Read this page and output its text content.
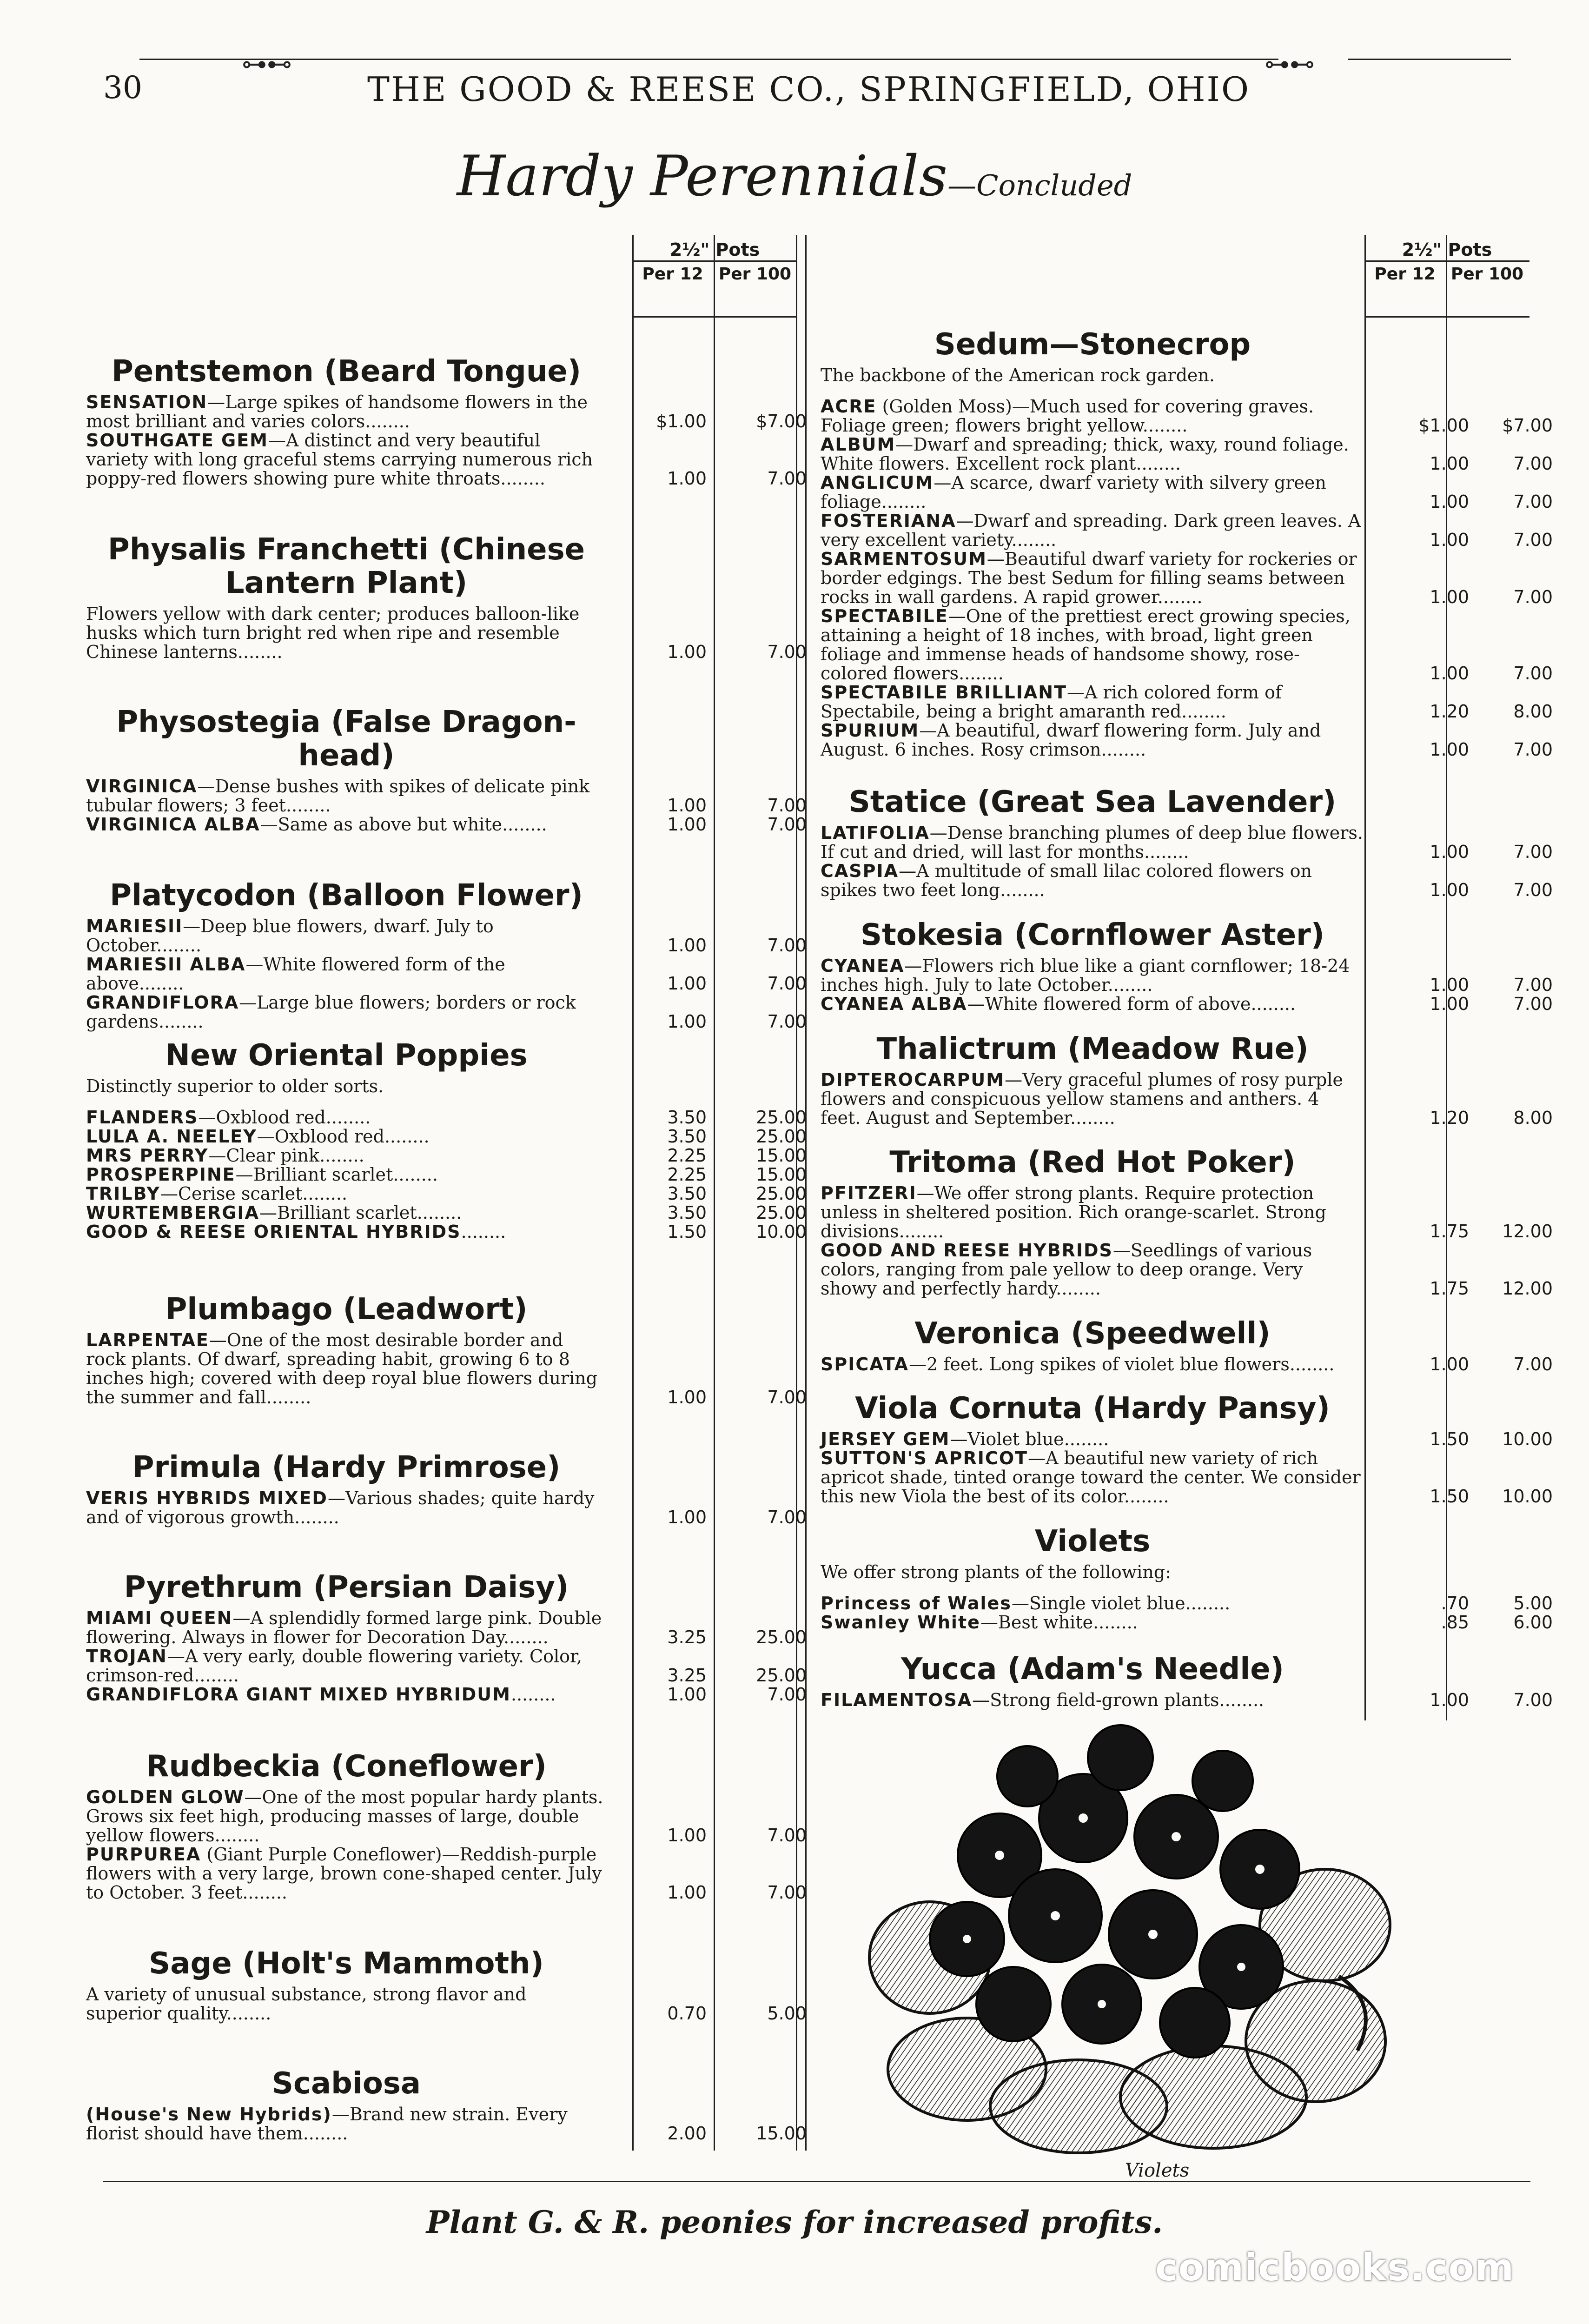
30
⊶⊷	⊶⊷
THE GOOD & REESE CO., SPRINGFIELD, OHIO
Hardy Perennials—Concluded
2½" Pots
Per 12 Per 100
2½" Pots
Per 12 Per 100
Pentstemon (Beard Tongue)
SENSATION—Large spikes of handsome flowers in the most brilliant and varies colors........	$1.00	$7.00
SOUTHGATE GEM—A distinct and very beautiful variety with long graceful stems carrying numerous rich poppy-red flowers showing pure white throats........	1.00	7.00
Physalis Franchetti (Chinese Lantern Plant)
Flowers yellow with dark center; produces balloon-like husks which turn bright red when ripe and resemble Chinese lanterns........	1.00	7.00
Physostegia (False Dragon-head)
VIRGINICA—Dense bushes with spikes of delicate pink tubular flowers; 3 feet........	1.00	7.00
VIRGINICA ALBA—Same as above but white........	1.00	7.00
Platycodon (Balloon Flower)
MARIESII—Deep blue flowers, dwarf. July to October........	1.00	7.00
MARIESII ALBA—White flowered form of the above........	1.00	7.00
GRANDIFLORA—Large blue flowers; borders or rock gardens........	1.00	7.00
New Oriental Poppies
Distinctly superior to older sorts.
FLANDERS—Oxblood red........	3.50	25.00
LULA A. NEELEY—Oxblood red........	3.50	25.00
MRS PERRY—Clear pink........	2.25	15.00
PROSPERPINE—Brilliant scarlet........	2.25	15.00
TRILBY—Cerise scarlet........	3.50	25.00
WURTEMBERGIA—Brilliant scarlet........	3.50	25.00
GOOD & REESE ORIENTAL HYBRIDS........	1.50	10.00
Plumbago (Leadwort)
LARPENTAE—One of the most desirable border and rock plants. Of dwarf, spreading habit, growing 6 to 8 inches high; covered with deep royal blue flowers during the summer and fall........	1.00	7.00
Primula (Hardy Primrose)
VERIS HYBRIDS MIXED—Various shades; quite hardy and of vigorous growth........	1.00	7.00
Pyrethrum (Persian Daisy)
MIAMI QUEEN—A splendidly formed large pink. Double flowering. Always in flower for Decoration Day........	3.25	25.00
TROJAN—A very early, double flowering variety. Color, crimson-red........	3.25	25.00
GRANDIFLORA GIANT MIXED HYBRIDUM........	1.00	7.00
Rudbeckia (Coneflower)
GOLDEN GLOW—One of the most popular hardy plants. Grows six feet high, producing masses of large, double yellow flowers........	1.00	7.00
PURPUREA (Giant Purple Coneflower)—Reddish-purple flowers with a very large, brown cone-shaped center. July to October. 3 feet........	1.00	7.00
Sage (Holt's Mammoth)
A variety of unusual substance, strong flavor and superior quality........	0.70	5.00
Scabiosa
(House's New Hybrids)—Brand new strain. Every florist should have them........	2.00	15.00
Sedum—Stonecrop
The backbone of the American rock garden.
ACRE (Golden Moss)—Much used for covering graves. Foliage green; flowers bright yellow........	$1.00	$7.00
ALBUM—Dwarf and spreading; thick, waxy, round foliage. White flowers. Excellent rock plant........	1.00	7.00
ANGLICUM—A scarce, dwarf variety with silvery green foliage........	1.00	7.00
FOSTERIANA—Dwarf and spreading. Dark green leaves. A very excellent variety........	1.00	7.00
SARMENTOSUM—Beautiful dwarf variety for rockeries or border edgings. The best Sedum for filling seams between rocks in wall gardens. A rapid grower........	1.00	7.00
SPECTABILE—One of the prettiest erect growing species, attaining a height of 18 inches, with broad, light green foliage and immense heads of handsome showy, rose-colored flowers........	1.00	7.00
SPECTABILE BRILLIANT—A rich colored form of Spectabile, being a bright amaranth red........	1.20	8.00
SPURIUM—A beautiful, dwarf flowering form. July and August. 6 inches. Rosy crimson........	1.00	7.00
Statice (Great Sea Lavender)
LATIFOLIA—Dense branching plumes of deep blue flowers. If cut and dried, will last for months........	1.00	7.00
CASPIA—A multitude of small lilac colored flowers on spikes two feet long........	1.00	7.00
Stokesia (Cornflower Aster)
CYANEA—Flowers rich blue like a giant cornflower; 18-24 inches high. July to late October........	1.00	7.00
CYANEA ALBA—White flowered form of above........	1.00	7.00
Thalictrum (Meadow Rue)
DIPTEROCARPUM—Very graceful plumes of rosy purple flowers and conspicuous yellow stamens and anthers. 4 feet. August and September........	1.20	8.00
Tritoma (Red Hot Poker)
PFITZERI—We offer strong plants. Require protection unless in sheltered position. Rich orange-scarlet. Strong divisions........	1.75	12.00
GOOD AND REESE HYBRIDS—Seedlings of various colors, ranging from pale yellow to deep orange. Very showy and perfectly hardy........	1.75	12.00
Veronica (Speedwell)
SPICATA—2 feet. Long spikes of violet blue flowers........	1.00	7.00
Viola Cornuta (Hardy Pansy)
JERSEY GEM—Violet blue........	1.50	10.00
SUTTON'S APRICOT—A beautiful new variety of rich apricot shade, tinted orange toward the center. We consider this new Viola the best of its color........	1.50	10.00
Violets
We offer strong plants of the following:
Princess of Wales—Single violet blue........	.70	5.00
Swanley White—Best white........	.85	6.00
Yucca (Adam's Needle)
FILAMENTOSA—Strong field-grown plants........	1.00	7.00
Violets
Plant G. & R. peonies for increased profits.
comicbooks.com
